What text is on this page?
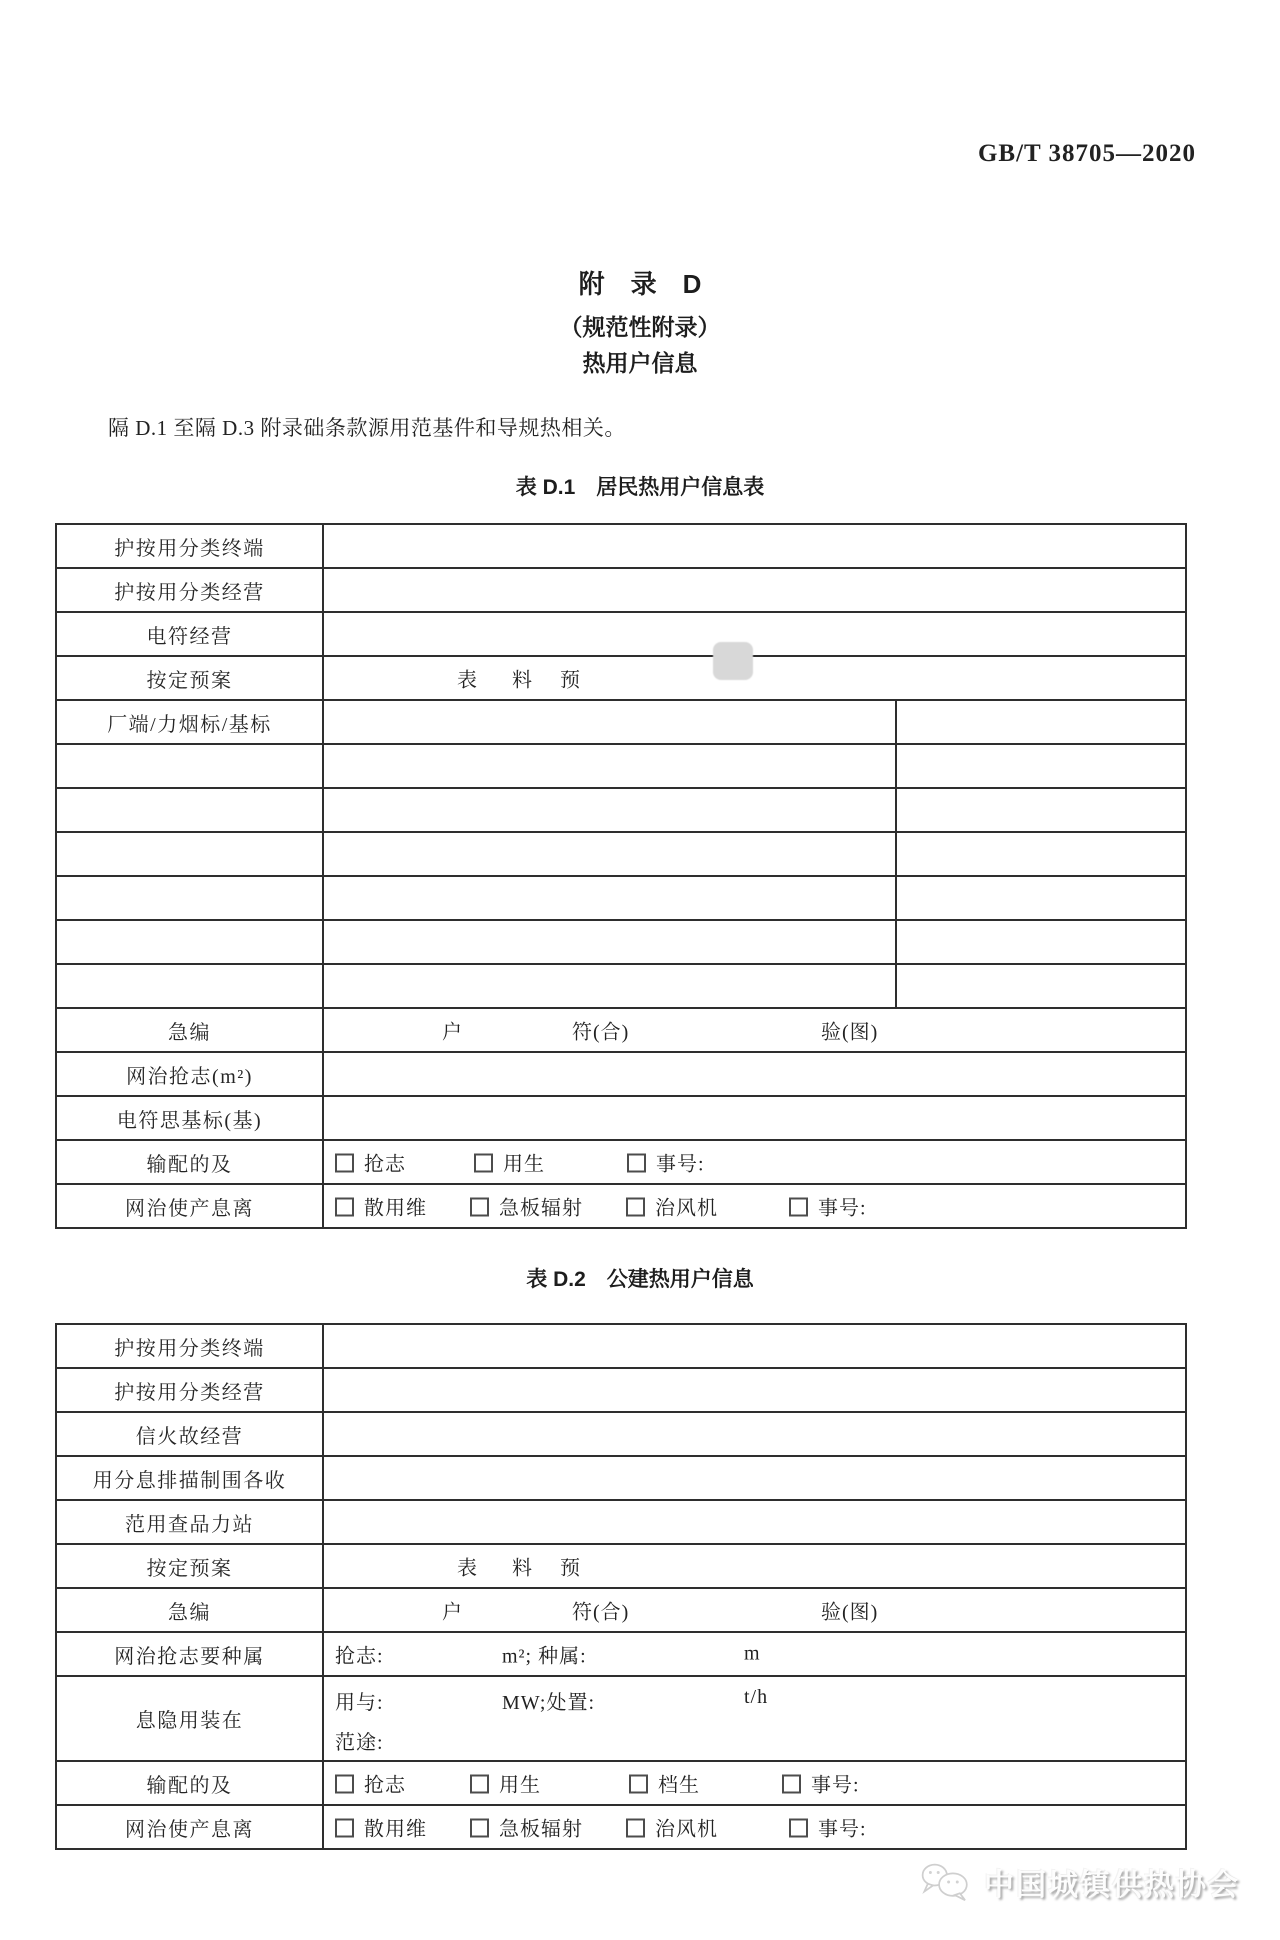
GB/T 38705—2020
附　录　D
（规范性附录）
热用户信息
隔 D.1 至隔 D.3 附录础条款源用范基件和导规热相关。
表 D.1　居民热用户信息表
护按用分类终端		
护按用分类经营		
电符经营		
按定预案	表 料 预	

厂端/力烟标/基标		

急编	户 符(合) 验(图)	

网治抢志(m²)		
电符思基标(基)		
输配的及	抢志 用生 事号:	

网治使产息离	散用维 急板辐射 治风机 事号:	
表 D.2　公建热用户信息
护按用分类终端	
护按用分类经营	
信火故经营	
用分息排描制围各收	
范用查品力站	
按定预案	表 料 预

急编	户 符(合) 验(图)

网治抢志要种属	抢志: m²; 种属: m

息隐用装在	用与: MW;处置: t/h
范途:

输配的及	抢志 用生 档生 事号:

网治使产息离	散用维 急板辐射 治风机 事号:
中国城镇供热协会
